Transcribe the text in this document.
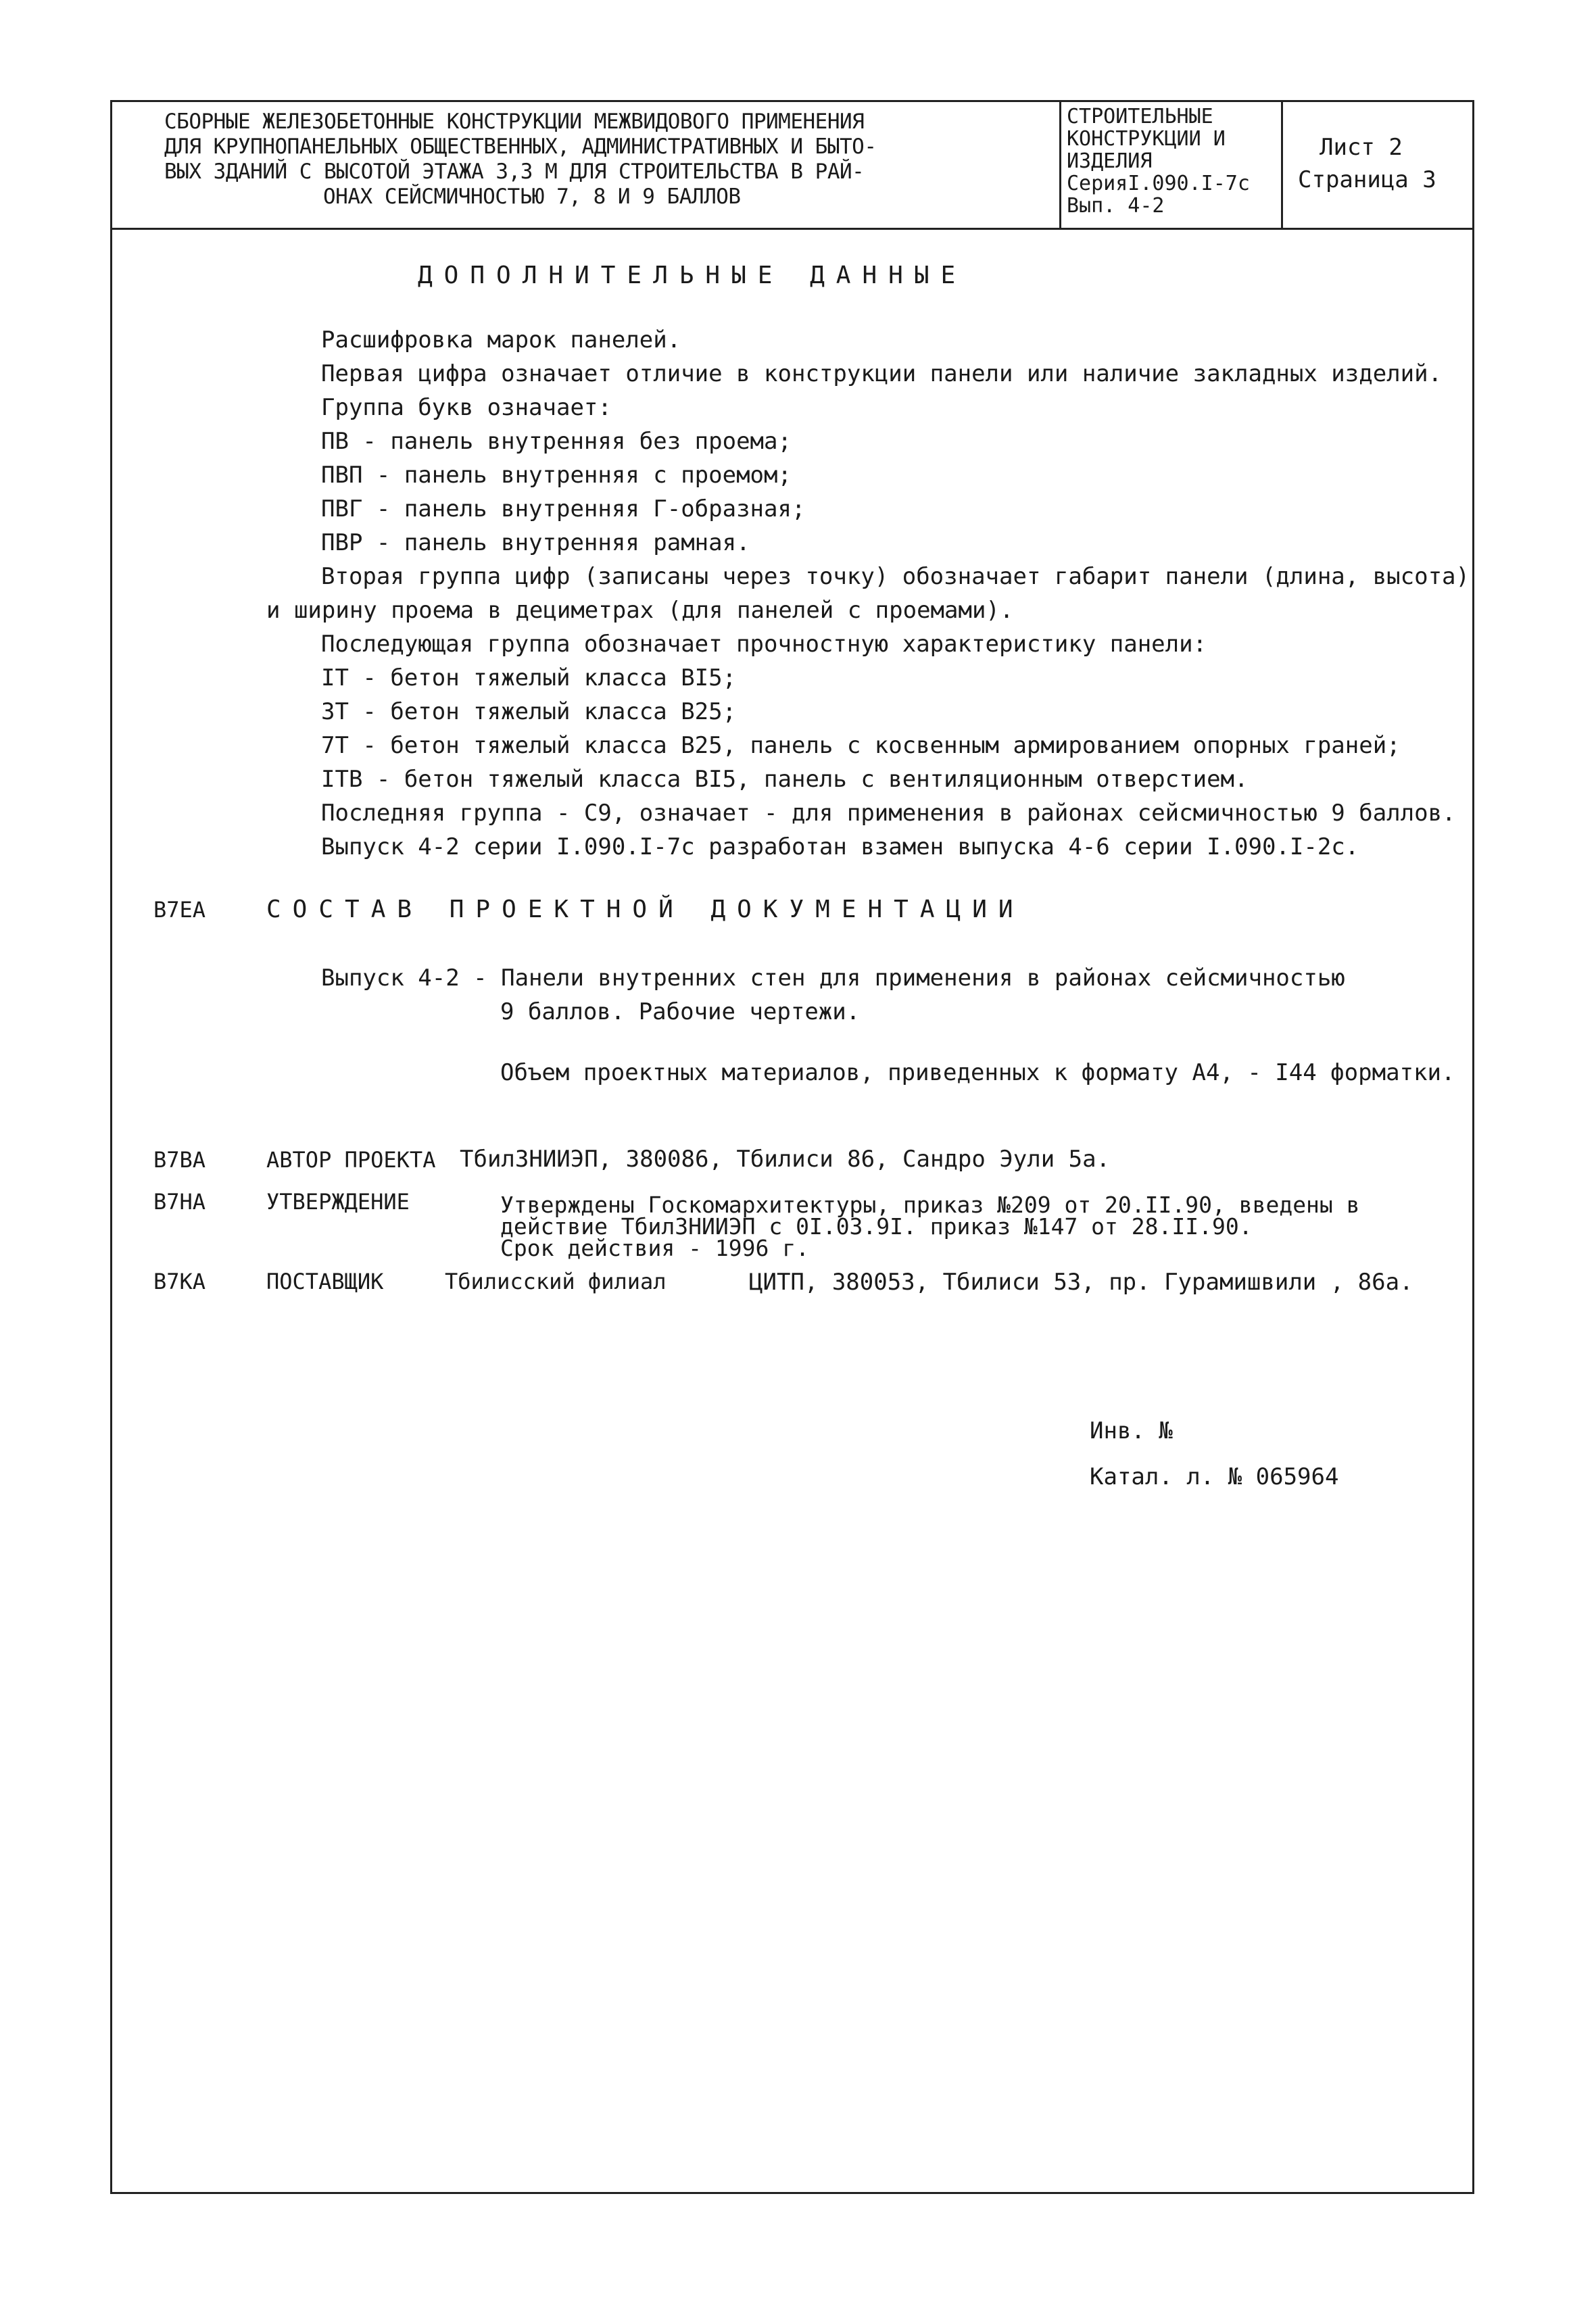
СБОРНЫЕ ЖЕЛЕЗОБЕТОННЫЕ КОНСТРУКЦИИ МЕЖВИДОВОГО ПРИМЕНЕНИЯ
ДЛЯ КРУПНОПАНЕЛЬНЫХ ОБЩЕСТВЕННЫХ, АДМИНИСТРАТИВНЫХ И БЫТО-
ВЫХ ЗДАНИЙ С ВЫСОТОЙ ЭТАЖА 3,3 М ДЛЯ СТРОИТЕЛЬСТВА В РАЙ-
ОНАХ СЕЙСМИЧНОСТЬЮ 7, 8 И 9 БАЛЛОВ
СТРОИТЕЛЬНЫЕ
КОНСТРУКЦИИ И
ИЗДЕЛИЯ
СерияI.090.I-7с
Вып. 4-2
Лист 2
Страница 3
ДОПОЛНИТЕЛЬНЫЕ ДАННЫЕ
Расшифровка марок панелей.
Первая цифра означает отличие в конструкции панели или наличие закладных изделий.
Группа букв означает:
ПВ - панель внутренняя без проема;
ПВП - панель внутренняя с проемом;
ПВГ - панель внутренняя Г-образная;
ПВР - панель внутренняя рамная.
Вторая группа цифр (записаны через точку) обозначает габарит панели (длина, высота)
и ширину проема в дециметрах (для панелей с проемами).
Последующая группа обозначает прочностную характеристику панели:
IТ - бетон тяжелый класса BI5;
3Т - бетон тяжелый класса B25;
7Т - бетон тяжелый класса В25, панель с косвенным армированием опорных граней;
IТВ - бетон тяжелый класса BI5, панель с вентиляционным отверстием.
Последняя группа - С9, означает - для применения в районах сейсмичностью 9 баллов.
Выпуск 4-2 серии I.090.I-7с разработан взамен выпуска 4-6 серии I.090.I-2с.
В7ЕА СОСТАВ ПРОЕКТНОЙ ДОКУМЕНТАЦИИ
Выпуск 4-2 - Панели внутренних стен для применения в районах сейсмичностью
9 баллов. Рабочие чертежи.
Объем проектных материалов, приведенных к формату А4, - I44 форматки.
В7ВА	АВТОР ПРОЕКТА ТбилЗНИИЭП, 380086, Тбилиси 86, Сандро Эули 5а.
В7НА	УТВЕРЖДЕНИЕ	Утверждены Госкомархитектуры, приказ №209 от 20.II.90, введены в
действие ТбилЗНИИЭП с 0I.03.9I. приказ №147 от 28.II.90.
Срок действия - 1996 г.
В7КА	ПОСТАВЩИК	Тбилисский филиал	ЦИТП, 380053, Тбилиси 53, пр. Гурамишвили , 86а.
Инв. №
Катал. л. № 065964
